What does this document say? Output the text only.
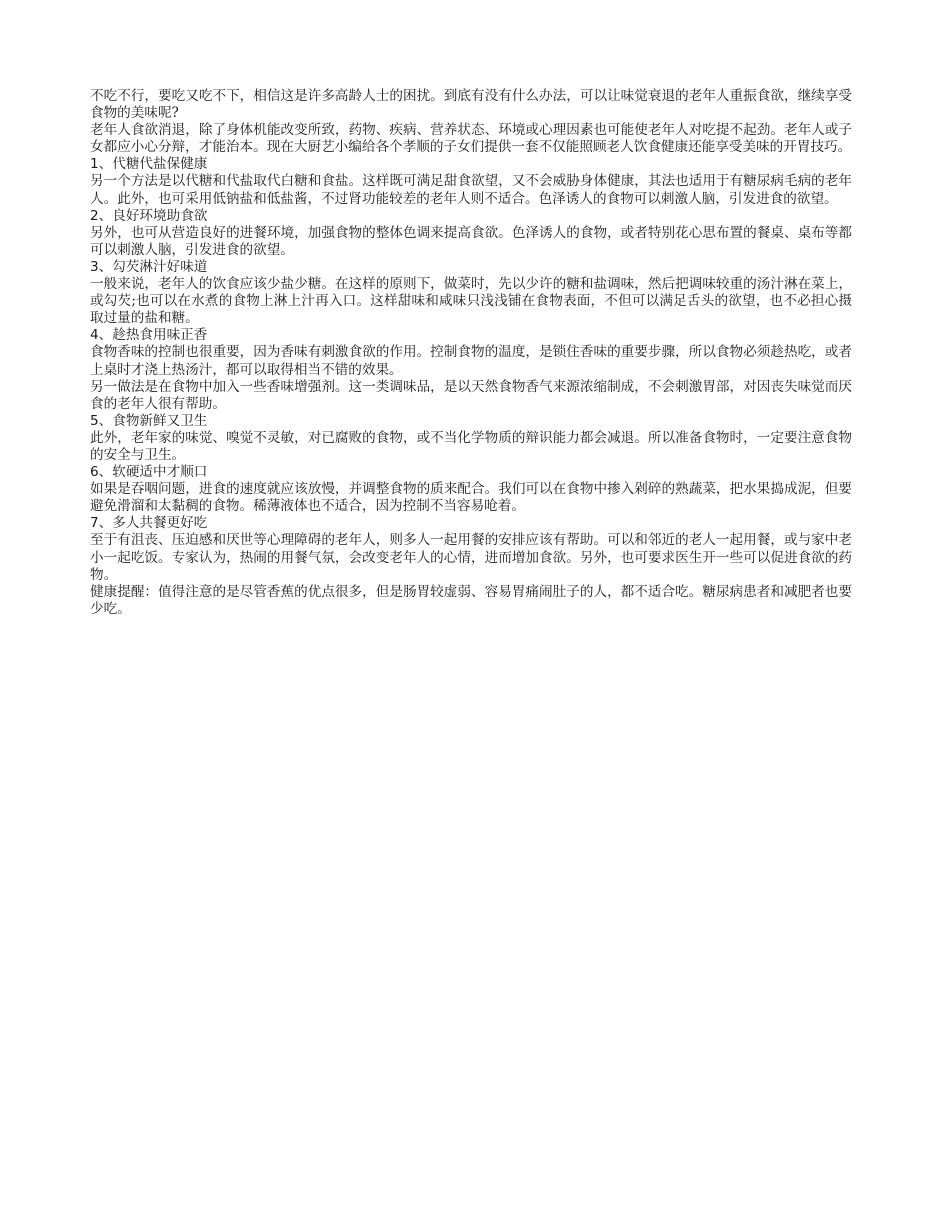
不吃不行，要吃又吃不下，相信这是许多高龄人士的困扰。到底有没有什么办法，可以让味觉衰退的老年人重振食欲，继续享受食物的美味呢?

老年人食欲消退，除了身体机能改变所致，药物、疾病、营养状态、环境或心理因素也可能使老年人对吃提不起劲。老年人或子女都应小心分辩，才能治本。现在大厨艺小编给各个孝顺的子女们提供一套不仅能照顾老人饮食健康还能享受美味的开胃技巧。

1、代糖代盐保健康

另一个方法是以代糖和代盐取代白糖和食盐。这样既可满足甜食欲望，又不会威胁身体健康，其法也适用于有糖尿病毛病的老年人。此外，也可采用低钠盐和低盐酱，不过肾功能较差的老年人则不适合。色泽诱人的食物可以刺激人脑，引发进食的欲望。

2、良好环境助食欲

另外，也可从营造良好的进餐环境，加强食物的整体色调来提高食欲。色泽诱人的食物，或者特别花心思布置的餐桌、桌布等都可以刺激人脑，引发进食的欲望。

3、勾芡淋汁好味道

一般来说，老年人的饮食应该少盐少糖。在这样的原则下，做菜时，先以少许的糖和盐调味，然后把调味较重的汤汁淋在菜上，或勾芡;也可以在水煮的食物上淋上汁再入口。这样甜味和咸味只浅浅铺在食物表面，不但可以满足舌头的欲望，也不必担心摄取过量的盐和糖。

4、趁热食用味正香

食物香味的控制也很重要，因为香味有刺激食欲的作用。控制食物的温度，是锁住香味的重要步骤，所以食物必须趁热吃，或者上桌时才浇上热汤汁，都可以取得相当不错的效果。

另一做法是在食物中加入一些香味增强剂。这一类调味品，是以天然食物香气来源浓缩制成，不会刺激胃部，对因丧失味觉而厌食的老年人很有帮助。

5、食物新鲜又卫生

此外，老年家的味觉、嗅觉不灵敏，对已腐败的食物，或不当化学物质的辩识能力都会减退。所以准备食物时，一定要注意食物的安全与卫生。

6、软硬适中才顺口

如果是吞咽问题，进食的速度就应该放慢，并调整食物的质来配合。我们可以在食物中掺入剁碎的熟蔬菜，把水果捣成泥，但要避免滑溜和太黏稠的食物。稀薄液体也不适合，因为控制不当容易呛着。

7、多人共餐更好吃

至于有沮丧、压迫感和厌世等心理障碍的老年人，则多人一起用餐的安排应该有帮助。可以和邻近的老人一起用餐，或与家中老小一起吃饭。专家认为，热闹的用餐气氛，会改变老年人的心情，进而增加食欲。另外，也可要求医生开一些可以促进食欲的药物。

健康提醒：值得注意的是尽管香蕉的优点很多，但是肠胃较虚弱、容易胃痛闹肚子的人，都不适合吃。糖尿病患者和减肥者也要少吃。
